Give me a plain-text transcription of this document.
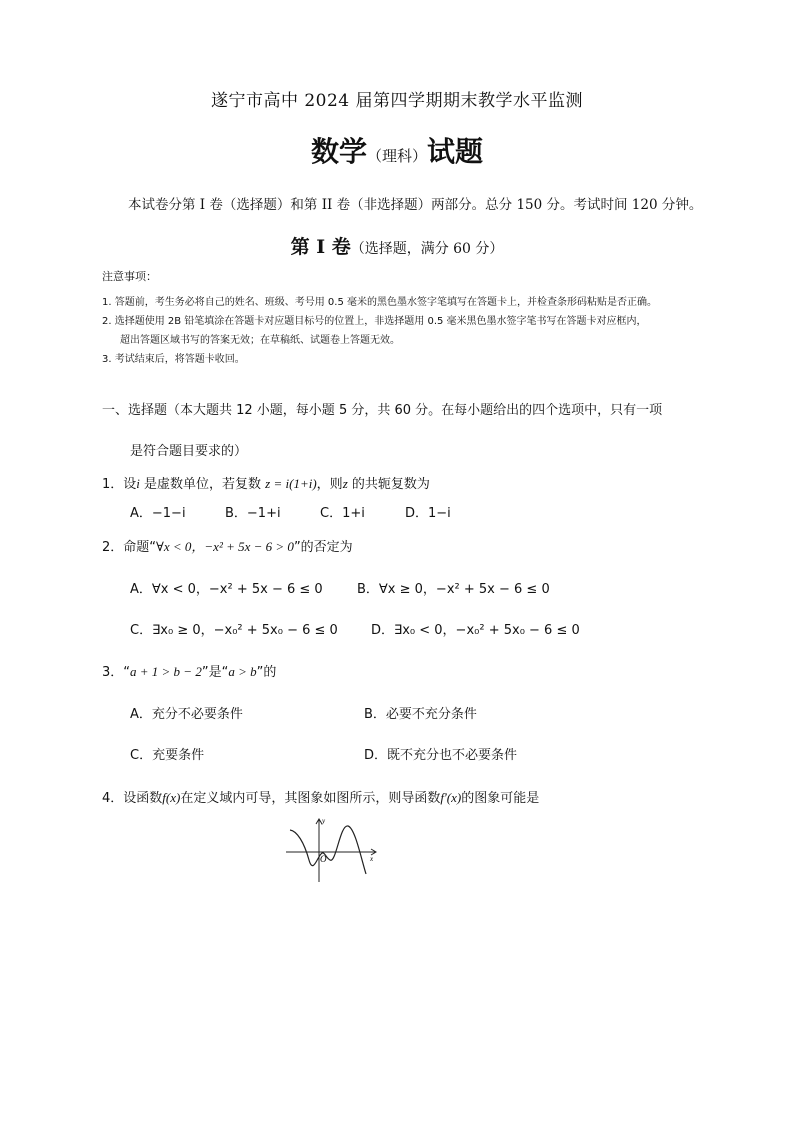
遂宁市高中 2024 届第四学期期末教学水平监测
数学（理科）试题
本试卷分第 I 卷（选择题）和第 II 卷（非选择题）两部分。总分 150 分。考试时间 120 分钟。
第 I 卷（选择题，满分 60 分）
注意事项：
1. 答题前，考生务必将自己的姓名、班级、考号用 0.5 毫米的黑色墨水签字笔填写在答题卡上，并检查条形码粘贴是否正确。
2. 选择题使用 2B 铅笔填涂在答题卡对应题目标号的位置上，非选择题用 0.5 毫米黑色墨水签字笔书写在答题卡对应框内，
超出答题区域书写的答案无效；在草稿纸、试题卷上答题无效。
3. 考试结束后，将答题卡收回。
一、选择题（本大题共 12 小题，每小题 5 分，共 60 分。在每小题给出的四个选项中，只有一项
是符合题目要求的）
1．设i 是虚数单位，若复数 z = i(1+i)，则z 的共轭复数为
A．−1−i	B．−1+i	C．1+i	D．1−i
2．命题“∀x < 0，−x² + 5x − 6 > 0”的否定为
A．∀x < 0，−x² + 5x − 6 ≤ 0	B．∀x ≥ 0，−x² + 5x − 6 ≤ 0
C．∃x₀ ≥ 0，−x₀² + 5x₀ − 6 ≤ 0	D．∃x₀ < 0，−x₀² + 5x₀ − 6 ≤ 0
3．“a + 1 > b − 2”是“a > b”的
A．充分不必要条件	B．必要不充分条件
C．充要条件	D．既不充分也不必要条件
4．设函数f(x)在定义域内可导，其图象如图所示，则导函数f′(x)的图象可能是
y
x
O
